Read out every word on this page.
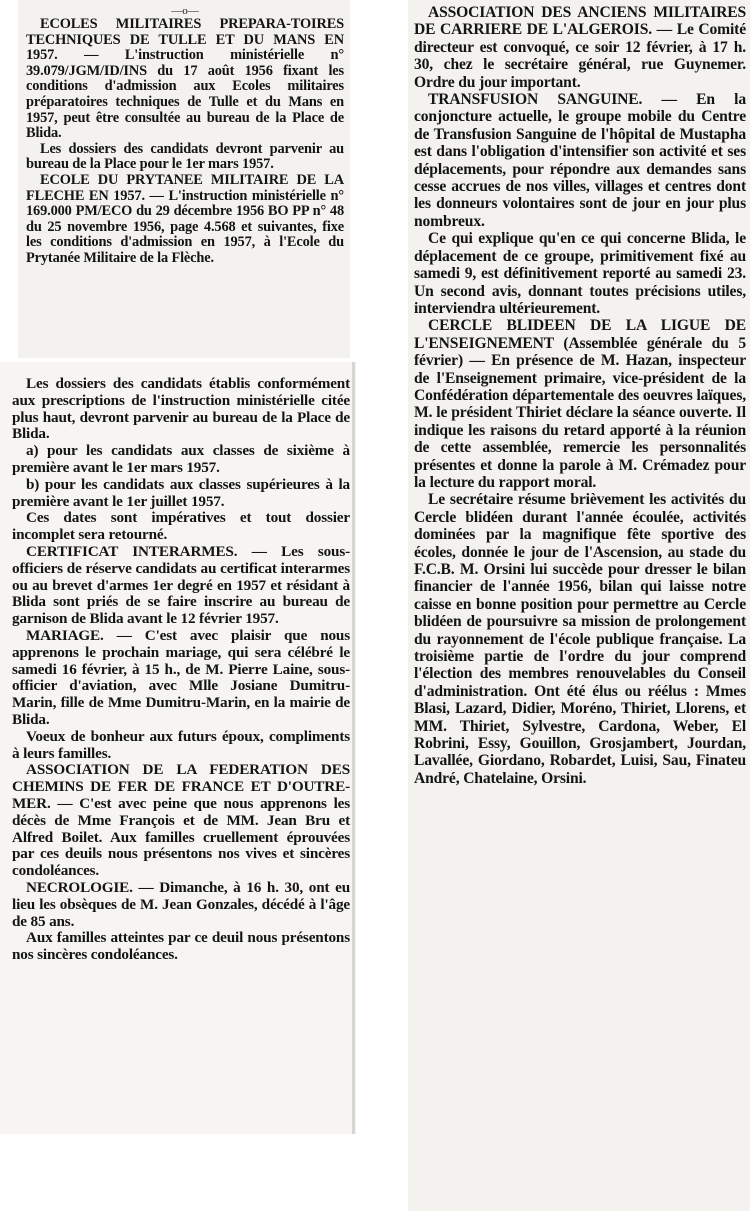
—o—

ECOLES MILITAIRES PREPARA-TOIRES TECHNIQUES DE TULLE ET DU MANS EN 1957. — L'instruction ministérielle n° 39.079/JGM/ID/INS du 17 août 1956 fixant les conditions d'admission aux Ecoles militaires préparatoires techniques de Tulle et du Mans en 1957, peut être consultée au bureau de la Place de Blida.

Les dossiers des candidats devront parvenir au bureau de la Place pour le 1er mars 1957.

ECOLE DU PRYTANEE MILITAIRE DE LA FLECHE EN 1957. — L'instruction ministérielle n° 169.000 PM/ECO du 29 décembre 1956 BO PP n° 48 du 25 novembre 1956, page 4.568 et suivantes, fixe les conditions d'admission en 1957, à l'Ecole du Prytanée Militaire de la Flèche.

Les dossiers des candidats établis conformément aux prescriptions de l'instruction ministérielle citée plus haut, devront parvenir au bureau de la Place de Blida.

a) pour les candidats aux classes de sixième à première avant le 1er mars 1957.

b) pour les candidats aux classes supérieures à la première avant le 1er juillet 1957.

Ces dates sont impératives et tout dossier incomplet sera retourné.

CERTIFICAT INTERARMES. — Les sous-officiers de réserve candidats au certificat interarmes ou au brevet d'armes 1er degré en 1957 et résidant à Blida sont priés de se faire inscrire au bureau de garnison de Blida avant le 12 février 1957.

MARIAGE. — C'est avec plaisir que nous apprenons le prochain mariage, qui sera célébré le samedi 16 février, à 15 h., de M. Pierre Laine, sous-officier d'aviation, avec Mlle Josiane Dumitru-Marin, fille de Mme Dumitru-Marin, en la mairie de Blida.

Voeux de bonheur aux futurs époux, compliments à leurs familles.

ASSOCIATION DE LA FEDERATION DES CHEMINS DE FER DE FRANCE ET D'OUTRE-MER. — C'est avec peine que nous apprenons les décès de Mme François et de MM. Jean Bru et Alfred Boilet. Aux familles cruellement éprouvées par ces deuils nous présentons nos vives et sincères condoléances.

NECROLOGIE. — Dimanche, à 16 h. 30, ont eu lieu les obsèques de M. Jean Gonzales, décédé à l'âge de 85 ans.

Aux familles atteintes par ce deuil nous présentons nos sincères condoléances.

ASSOCIATION DES ANCIENS MILITAIRES DE CARRIERE DE L'ALGEROIS. — Le Comité directeur est convoqué, ce soir 12 février, à 17 h. 30, chez le secrétaire général, rue Guynemer. Ordre du jour important.

TRANSFUSION SANGUINE. — En la conjoncture actuelle, le groupe mobile du Centre de Transfusion Sanguine de l'hôpital de Mustapha est dans l'obligation d'intensifier son activité et ses déplacements, pour répondre aux demandes sans cesse accrues de nos villes, villages et centres dont les donneurs volontaires sont de jour en jour plus nombreux.

Ce qui explique qu'en ce qui concerne Blida, le déplacement de ce groupe, primitivement fixé au samedi 9, est définitivement reporté au samedi 23. Un second avis, donnant toutes précisions utiles, interviendra ultérieurement.

CERCLE BLIDEEN DE LA LIGUE DE L'ENSEIGNEMENT (Assemblée générale du 5 février) — En présence de M. Hazan, inspecteur de l'Enseignement primaire, vice-président de la Confédération départementale des oeuvres laïques, M. le président Thiriet déclare la séance ouverte. Il indique les raisons du retard apporté à la réunion de cette assemblée, remercie les personnalités présentes et donne la parole à M. Crémadez pour la lecture du rapport moral.

Le secrétaire résume brièvement les activités du Cercle blidéen durant l'année écoulée, activités dominées par la magnifique fête sportive des écoles, donnée le jour de l'Ascension, au stade du F.C.B. M. Orsini lui succède pour dresser le bilan financier de l'année 1956, bilan qui laisse notre caisse en bonne position pour permettre au Cercle blidéen de poursuivre sa mission de prolongement du rayonnement de l'école publique française. La troisième partie de l'ordre du jour comprend l'élection des membres renouvelables du Conseil d'administration. Ont été élus ou réélus : Mmes Blasi, Lazard, Didier, Moréno, Thiriet, Llorens, et MM. Thiriet, Sylvestre, Cardona, Weber, El Robrini, Essy, Gouillon, Grosjambert, Jourdan, Lavallée, Giordano, Robardet, Luisi, Sau, Finateu André, Chatelaine, Orsini.
